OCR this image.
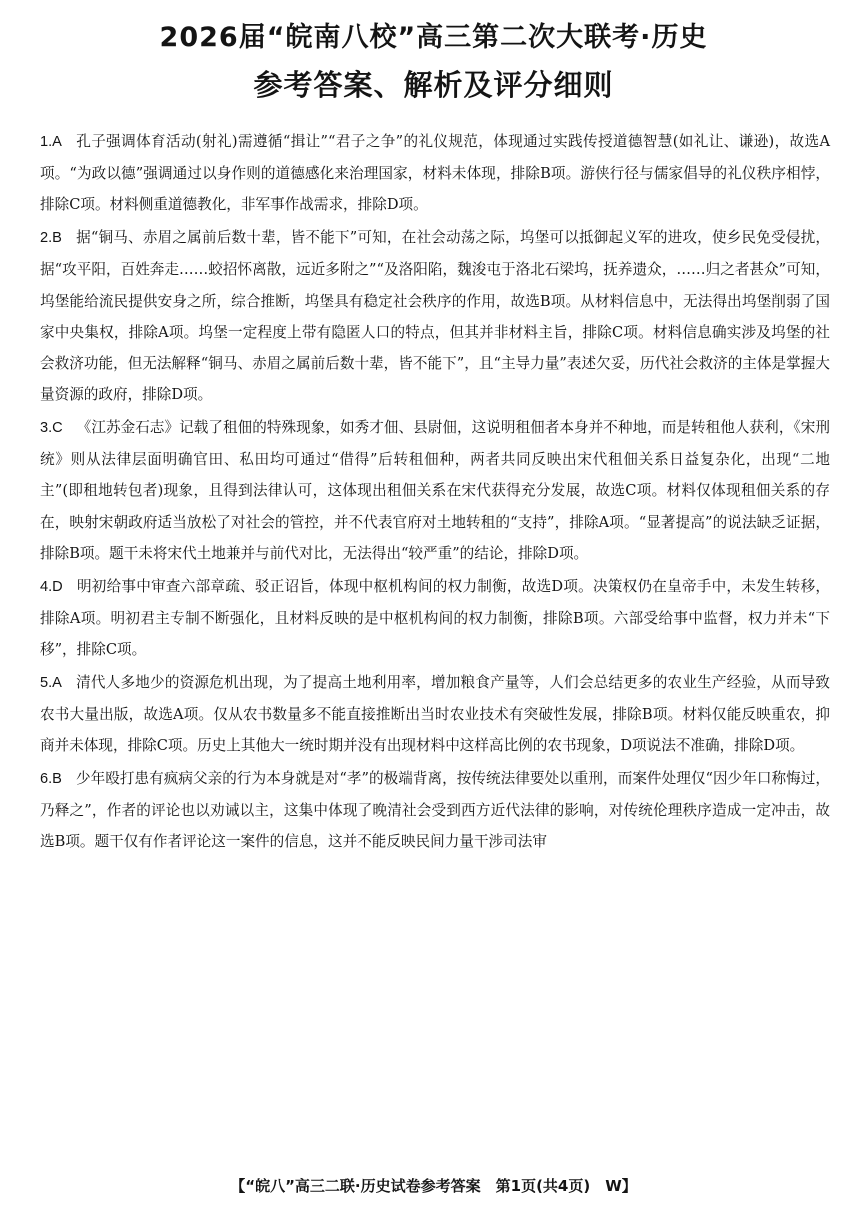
2026届“皖南八校”高三第二次大联考·历史
参考答案、解析及评分细则

1.A 孔子强调体育活动(射礼)需遵循“揖让”“君子之争”的礼仪规范，体现通过实践传授道德智慧(如礼让、谦逊)，故选A项。“为政以德”强调通过以身作则的道德感化来治理国家，材料未体现，排除B项。游侠行径与儒家倡导的礼仪秩序相悖，排除C项。材料侧重道德教化，非军事作战需求，排除D项。

2.B 据“铜马、赤眉之属前后数十辈，皆不能下”可知，在社会动荡之际，坞堡可以抵御起义军的进攻，使乡民免受侵扰，据“攻平阳，百姓奔走……蛟招怀离散，远近多附之”“及洛阳陷，魏浚屯于洛北石梁坞，抚养遗众，……归之者甚众”可知，坞堡能给流民提供安身之所，综合推断，坞堡具有稳定社会秩序的作用，故选B项。从材料信息中，无法得出坞堡削弱了国家中央集权，排除A项。坞堡一定程度上带有隐匿人口的特点，但其并非材料主旨，排除C项。材料信息确实涉及坞堡的社会救济功能，但无法解释“铜马、赤眉之属前后数十辈，皆不能下”，且“主导力量”表述欠妥，历代社会救济的主体是掌握大量资源的政府，排除D项。

3.C 《江苏金石志》记载了租佃的特殊现象，如秀才佃、县尉佃，这说明租佃者本身并不种地，而是转租他人获利，《宋刑统》则从法律层面明确官田、私田均可通过“借得”后转租佃种，两者共同反映出宋代租佃关系日益复杂化，出现“二地主”(即租地转包者)现象，且得到法律认可，这体现出租佃关系在宋代获得充分发展，故选C项。材料仅体现租佃关系的存在，映射宋朝政府适当放松了对社会的管控，并不代表官府对土地转租的“支持”，排除A项。“显著提高”的说法缺乏证据，排除B项。题干未将宋代土地兼并与前代对比，无法得出“较严重”的结论，排除D项。

4.D 明初给事中审查六部章疏、驳正诏旨，体现中枢机构间的权力制衡，故选D项。决策权仍在皇帝手中，未发生转移，排除A项。明初君主专制不断强化，且材料反映的是中枢机构间的权力制衡，排除B项。六部受给事中监督，权力并未“下移”，排除C项。

5.A 清代人多地少的资源危机出现，为了提高土地利用率，增加粮食产量等，人们会总结更多的农业生产经验，从而导致农书大量出版，故选A项。仅从农书数量多不能直接推断出当时农业技术有突破性发展，排除B项。材料仅能反映重农，抑商并未体现，排除C项。历史上其他大一统时期并没有出现材料中这样高比例的农书现象，D项说法不准确，排除D项。

6.B 少年殴打患有疯病父亲的行为本身就是对“孝”的极端背离，按传统法律要处以重刑，而案件处理仅“因少年口称悔过，乃释之”，作者的评论也以劝诫以主，这集中体现了晚清社会受到西方近代法律的影响，对传统伦理秩序造成一定冲击，故选B项。题干仅有作者评论这一案件的信息，这并不能反映民间力量干涉司法审

【“皖八”高三二联·历史试卷参考答案　第1页(共4页)　W】
